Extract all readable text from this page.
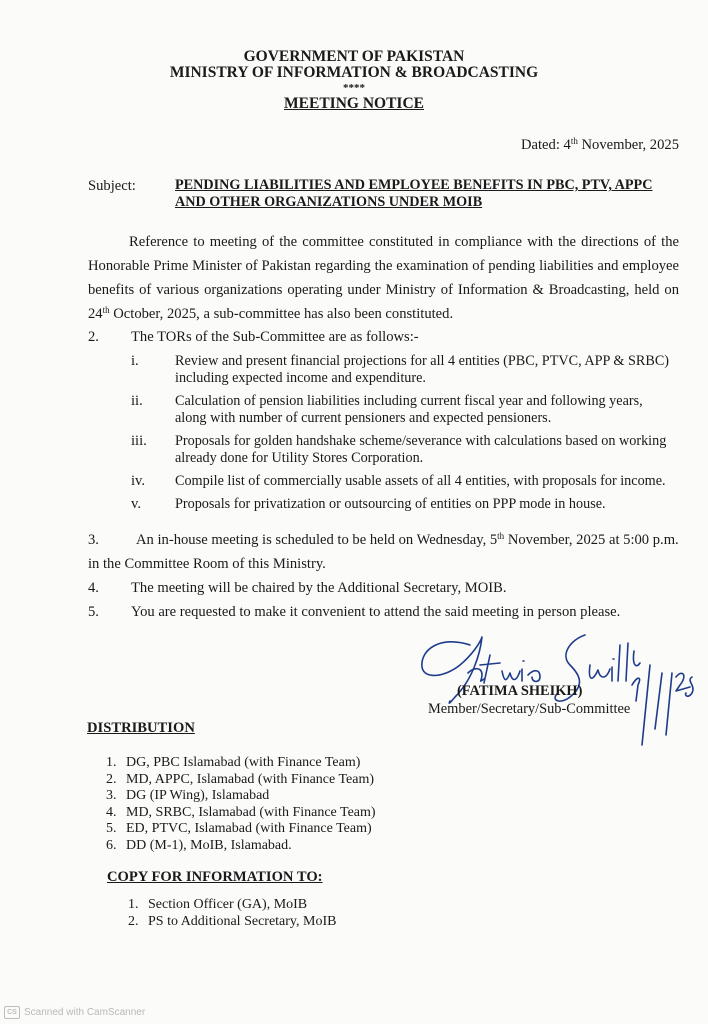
GOVERNMENT OF PAKISTAN
MINISTRY OF INFORMATION & BROADCASTING
****
MEETING NOTICE
Dated: 4th November, 2025
Subject:	PENDING LIABILITIES AND EMPLOYEE BENEFITS IN PBC, PTV, APPC
AND OTHER ORGANIZATIONS UNDER MOIB
Reference to meeting of the committee constituted in compliance with the directions of the
Honorable Prime Minister of Pakistan regarding the examination of pending liabilities and employee
benefits of various organizations operating under Ministry of Information & Broadcasting, held on
24th October, 2025, a sub-committee has also been constituted.
2. The TORs of the Sub-Committee are as follows:-
i.	Review and present financial projections for all 4 entities (PBC, PTVC, APP & SRBC)
including expected income and expenditure.
ii. Calculation of pension liabilities including current fiscal year and following years,
along with number of current pensioners and expected pensioners.
iii. Proposals for golden handshake scheme/severance with calculations based on working
already done for Utility Stores Corporation.
iv. Compile list of commercially usable assets of all 4 entities, with proposals for income.
v. Proposals for privatization or outsourcing of entities on PPP mode in house.
3.	An in-house meeting is scheduled to be held on Wednesday, 5th November, 2025 at 5:00 p.m.
in the Committee Room of this Ministry.
4. The meeting will be chaired by the Additional Secretary, MOIB.
5. You are requested to make it convenient to attend the said meeting in person please.
(FATIMA SHEIKH)
Member/Secretary/Sub-Committee
DISTRIBUTION
1. DG, PBC Islamabad (with Finance Team)
2. MD, APPC, Islamabad (with Finance Team)
3. DG (IP Wing), Islamabad
4. MD, SRBC, Islamabad (with Finance Team)
5. ED, PTVC, Islamabad (with Finance Team)
6. DD (M-1), MoIB, Islamabad.
COPY FOR INFORMATION TO:
1. Section Officer (GA), MoIB
2. PS to Additional Secretary, MoIB
CS Scanned with CamScanner
